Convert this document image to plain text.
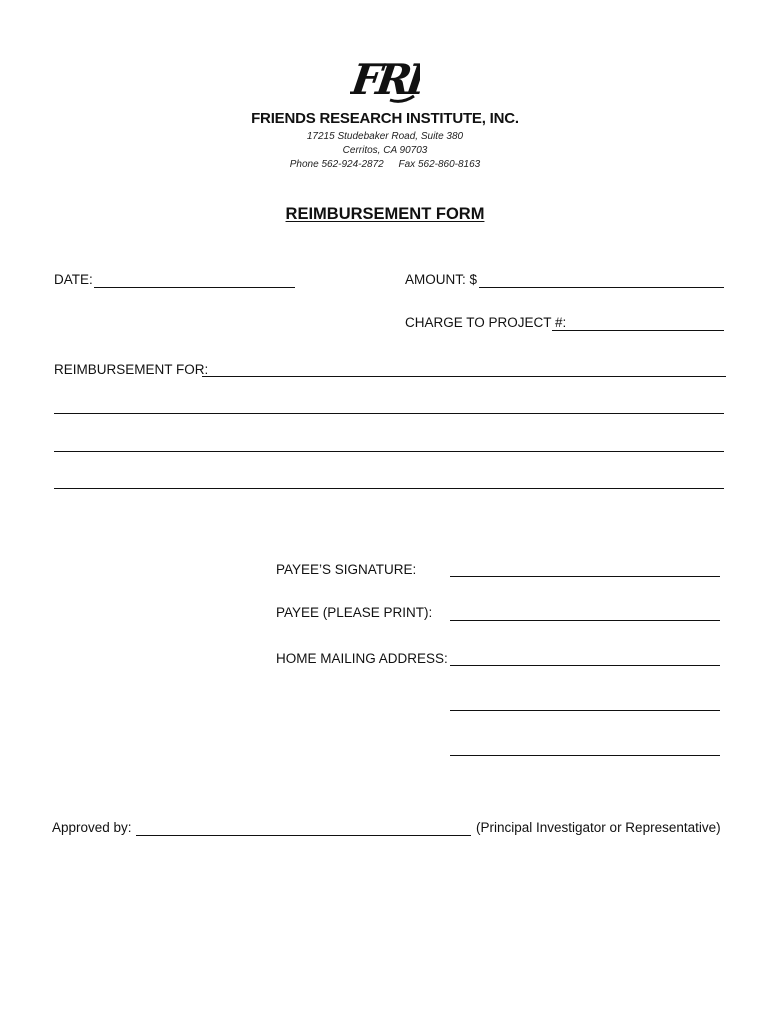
FRI
FRIENDS RESEARCH INSTITUTE, INC.
17215 Studebaker Road, Suite 380
Cerritos, CA 90703
Phone 562-924-2872 Fax 562-860-8163
REIMBURSEMENT FORM
DATE:	AMOUNT: $
CHARGE TO PROJECT #:
REIMBURSEMENT FOR:
PAYEE’S SIGNATURE:
PAYEE (PLEASE PRINT):
HOME MAILING ADDRESS:
Approved by:	(Principal Investigator or Representative)
